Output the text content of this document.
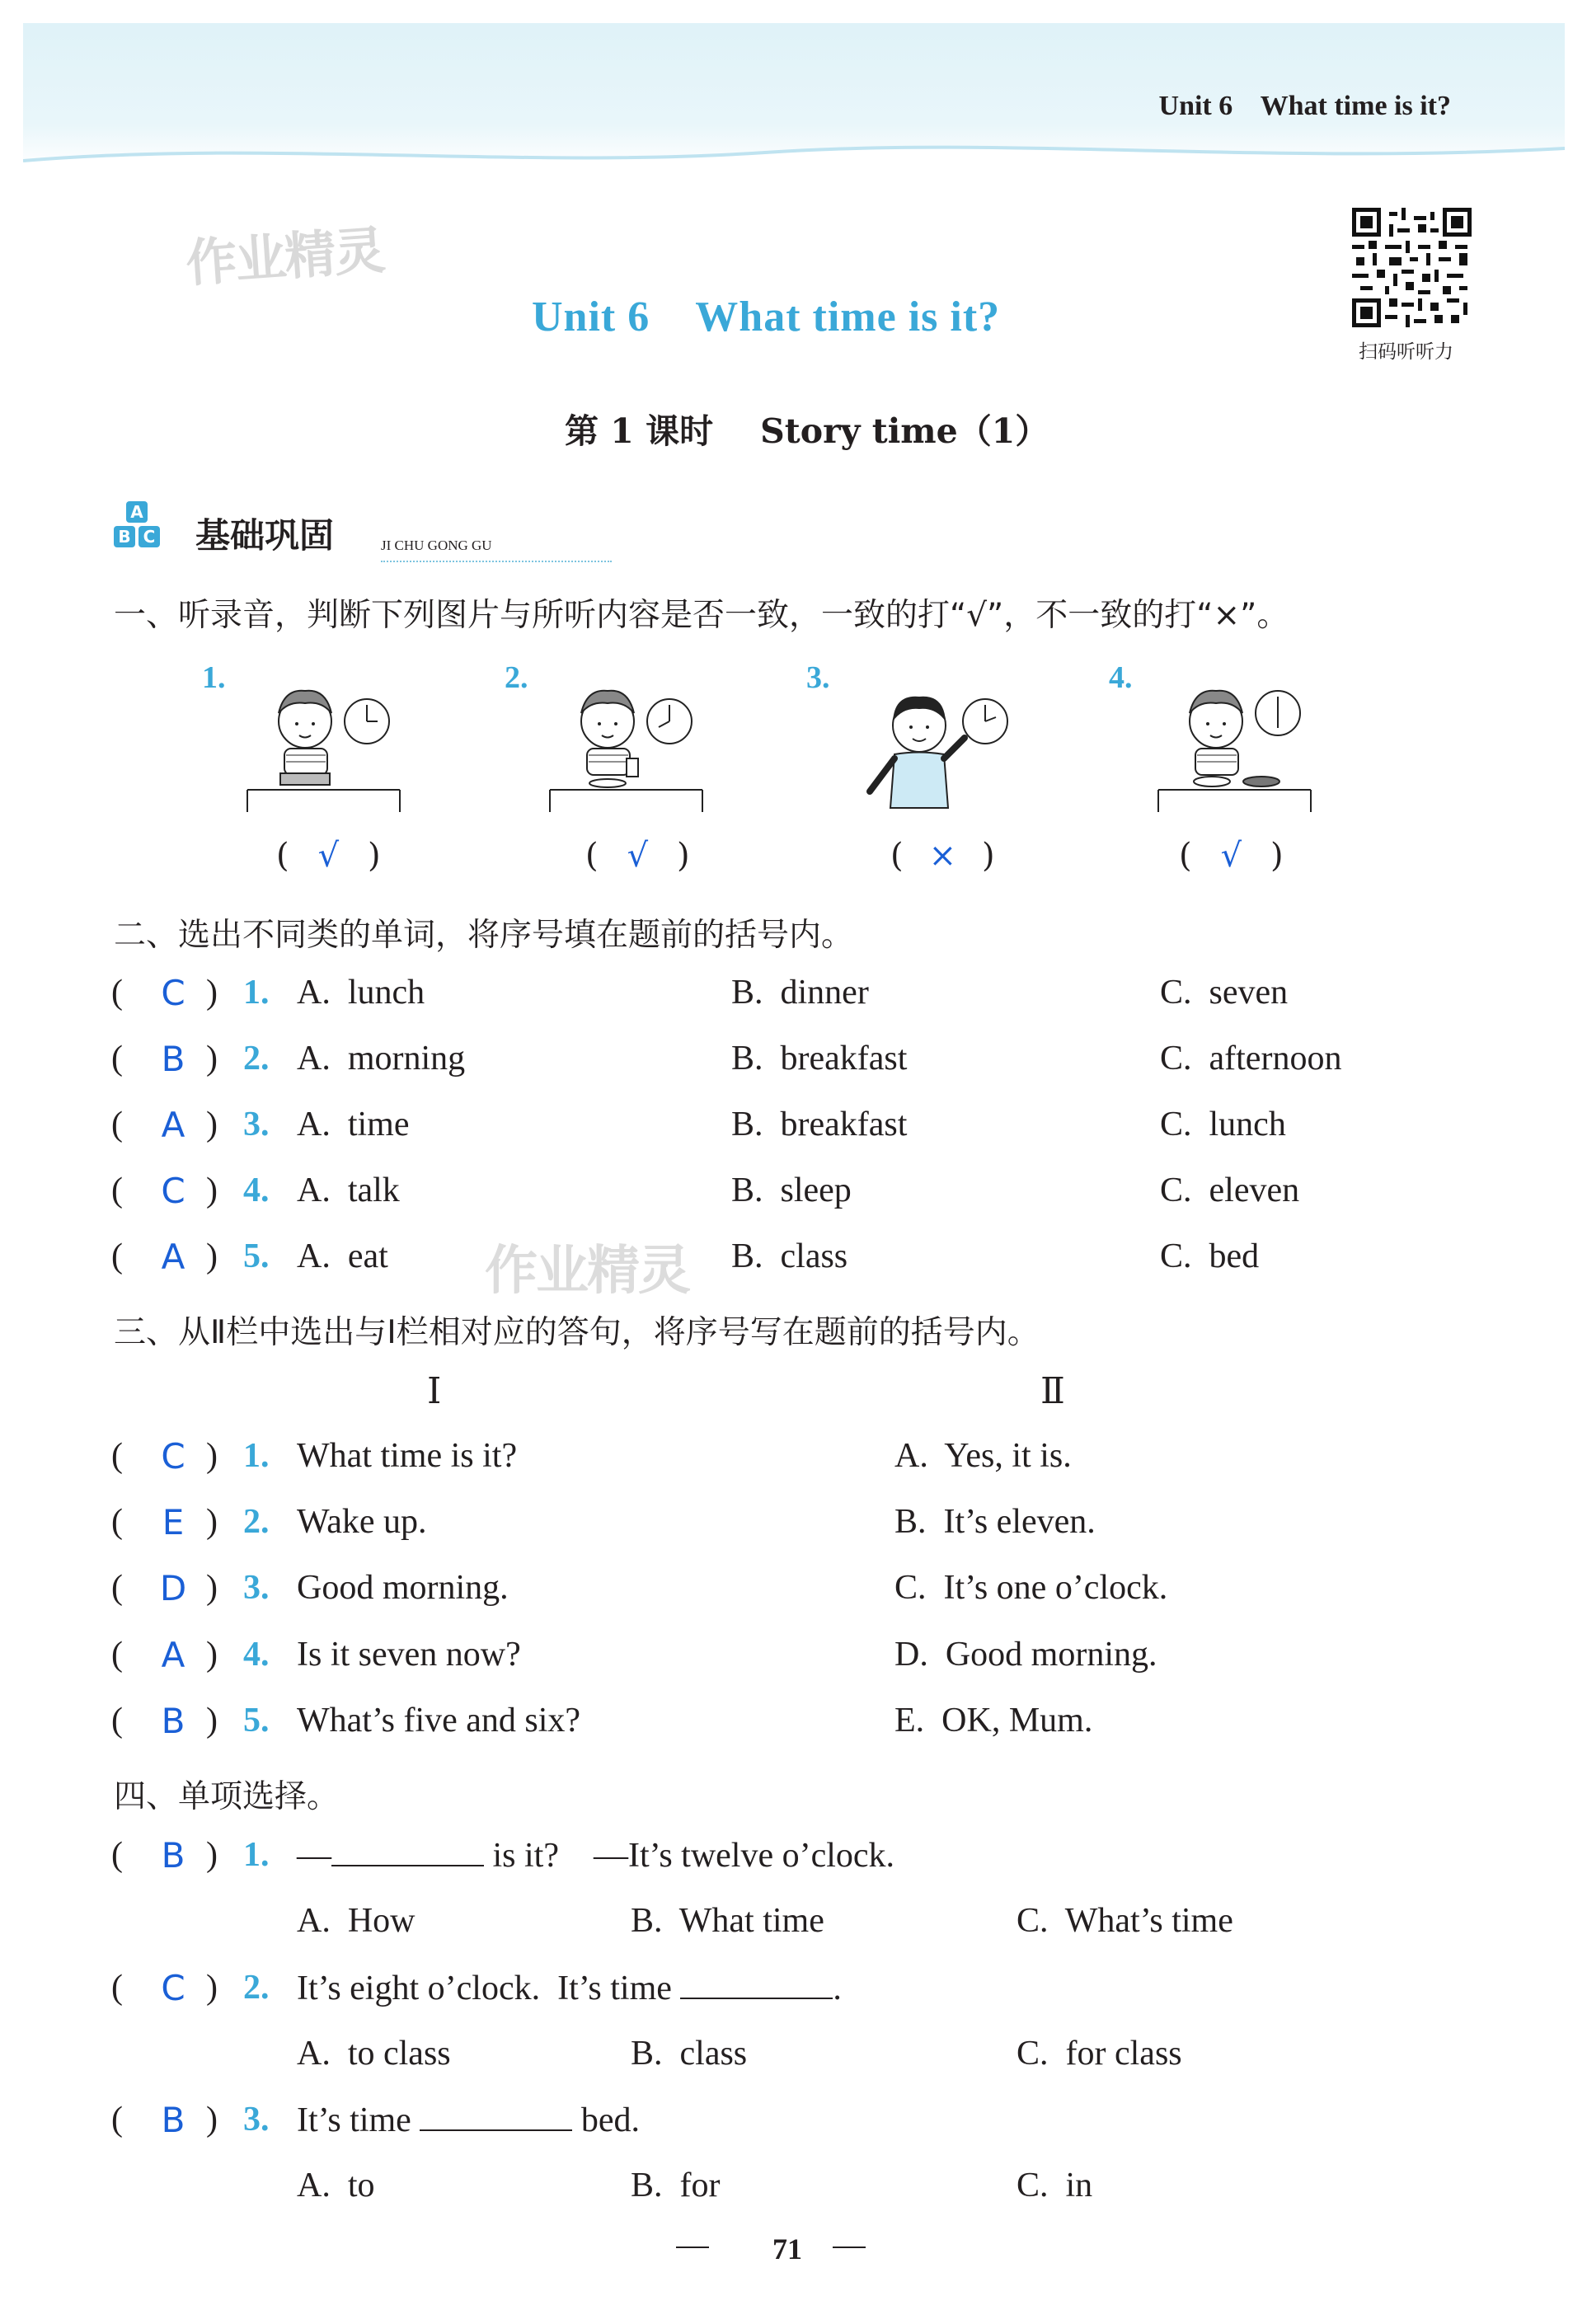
Unit 6    What time is it?
作业精灵
Unit 6    What time is it?
第 1 课时    Story time（1）
扫码听听力
A
B C 基础巩固	JI CHU GONG GU
一、听录音，判断下列图片与所听内容是否一致，一致的打“√”，不一致的打“×”。
1.
( √ )
2.
( √ )
3.
( × )
4.
( √ )
二、选出不同类的单词，将序号填在题前的括号内。
( C ) 1. A.  lunch	B.  dinner	C.  seven
( B ) 2. A.  morning	B.  breakfast	C.  afternoon
( A ) 3. A.  time	B.  breakfast	C.  lunch
( C ) 4. A.  talk	B.  sleep	C.  eleven
( A ) 5. A.  eat	B.  class	C.  bed
作业精灵
三、从Ⅱ栏中选出与Ⅰ栏相对应的答句，将序号写在题前的括号内。
Ⅰ	Ⅱ
( C ) 1. What time is it?	A.  Yes, it is.
( E ) 2. Wake up.	B.  It’s eleven.
( D ) 3. Good morning.	C.  It’s one o’clock.
( A ) 4. Is it seven now?	D.  Good morning.
( B ) 5. What’s five and six?	E.  OK, Mum.
四、单项选择。
( B ) 1. —	is it?    —It’s twelve o’clock.
A.  How	B.  What time	C.  What’s time
( C ) 2. It’s eight o’clock.  It’s time	.
A.  to class	B.  class	C.  for class
( B ) 3. It’s time	bed.
A.  to	B.  for	C.  in
71
